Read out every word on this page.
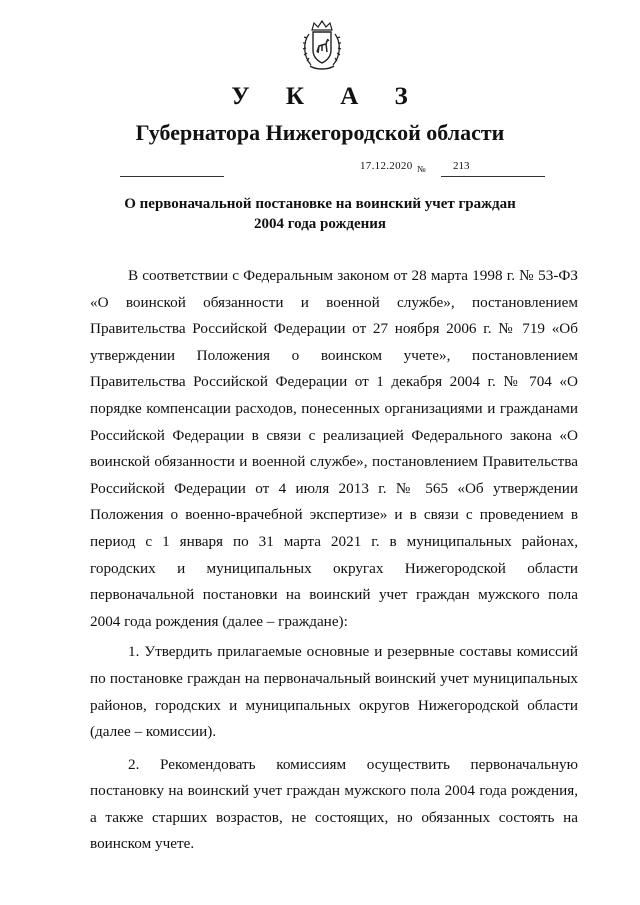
У К А З
Губернатора Нижегородской области
17.12.2020 № 213
О первоначальной постановке на воинский учет граждан
2004 года рождения

В соответствии с Федеральным законом от 28 марта 1998 г. № 53-ФЗ «О воинской обязанности и военной службе», постановлением Правительства Российской Федерации от 27 ноября 2006 г. № 719 «Об утверждении Положения о воинском учете», постановлением Правительства Российской Федерации от 1 декабря 2004 г. № 704 «О порядке компенсации расходов, понесенных организациями и гражданами Российской Федерации в связи с реализацией Федерального закона «О воинской обязанности и военной службе», постановлением Правительства Российской Федерации от 4 июля 2013 г. № 565 «Об утверждении Положения о военно-врачебной экспертизе» и в связи с проведением в период с 1 января по 31 марта 2021 г. в муниципальных районах, городских и муниципальных округах Нижегородской области первоначальной постановки на воинский учет граждан мужского пола 2004 года рождения (далее – граждане):

1. Утвердить прилагаемые основные и резервные составы комиссий по постановке граждан на первоначальный воинский учет муниципальных районов, городских и муниципальных округов Нижегородской области (далее – комиссии).

2. Рекомендовать комиссиям осуществить первоначальную постановку на воинский учет граждан мужского пола 2004 года рождения, а также старших возрастов, не состоящих, но обязанных состоять на воинском учете.
